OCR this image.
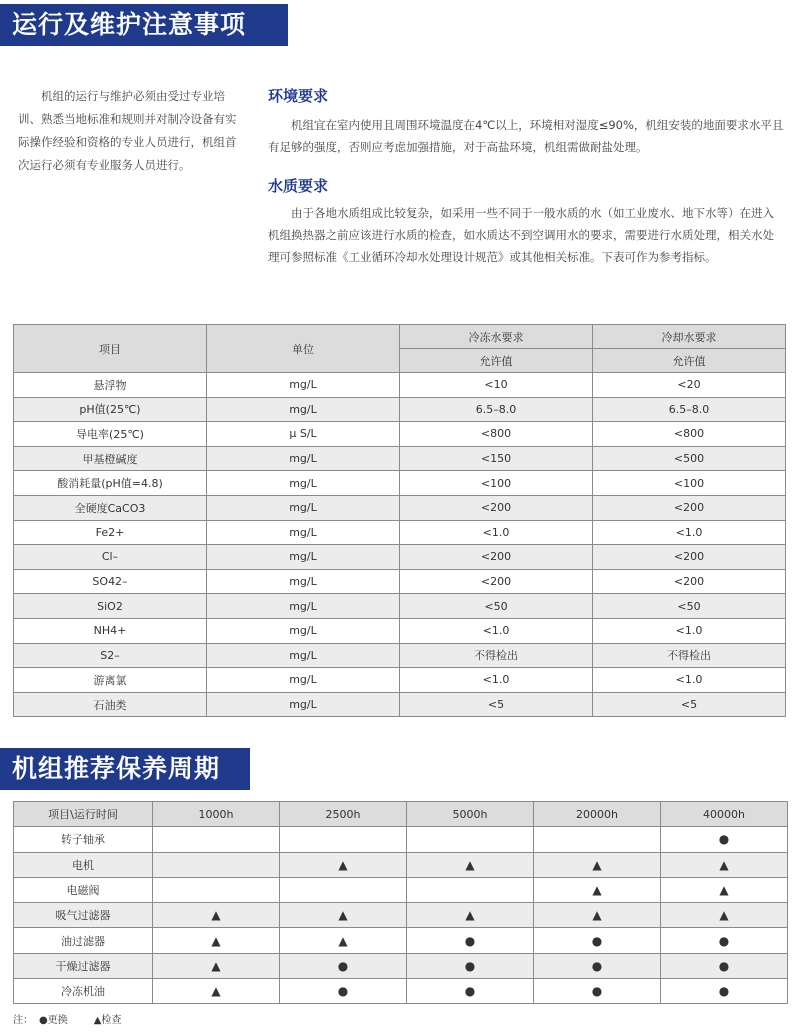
运行及维护注意事项
机组的运行与维护必须由受过专业培训、熟悉当地标准和规则并对制冷设备有实际操作经验和资格的专业人员进行，机组首次运行必须有专业服务人员进行。
环境要求

机组宜在室内使用且周围环境温度在4℃以上，环境相对湿度≤90%，机组安装的地面要求水平且有足够的强度，否则应考虑加强措施，对于高盐环境，机组需做耐盐处理。

水质要求

由于各地水质组成比较复杂，如采用一些不同于一般水质的水（如工业废水、地下水等）在进入机组换热器之前应该进行水质的检查，如水质达不到空调用水的要求，需要进行水质处理，相关水处理可参照标准《工业循环冷却水处理设计规范》或其他相关标准。下表可作为参考指标。

项目	单位	冷冻水要求	冷却水要求
		允许值	允许值
悬浮物	mg/L	<10	<20
pH值(25℃)	mg/L	6.5–8.0	6.5–8.0
导电率(25℃)	μ S/L	<800	<800
甲基橙碱度	mg/L	<150	<500
酸消耗量(pH值=4.8)	mg/L	<100	<100
全硬度CaCO3	mg/L	<200	<200
Fe2+	mg/L	<1.0	<1.0
Cl–	mg/L	<200	<200
SO42–	mg/L	<200	<200
SiO2	mg/L	<50	<50
NH4+	mg/L	<1.0	<1.0
S2–	mg/L	不得检出	不得检出
游离氯	mg/L	<1.0	<1.0
石油类	mg/L	<5	<5
机组推荐保养周期
项目\运行时间	1000h	2500h	5000h	20000h	40000h
转子轴承					●
电机		▲	▲	▲	▲
电磁阀				▲	▲
吸气过滤器	▲	▲	▲	▲	▲
油过滤器	▲	▲	●	●	●
干燥过滤器	▲	●	●	●	●
冷冻机油	▲	●	●	●	●
注： ●更换	▲检查
